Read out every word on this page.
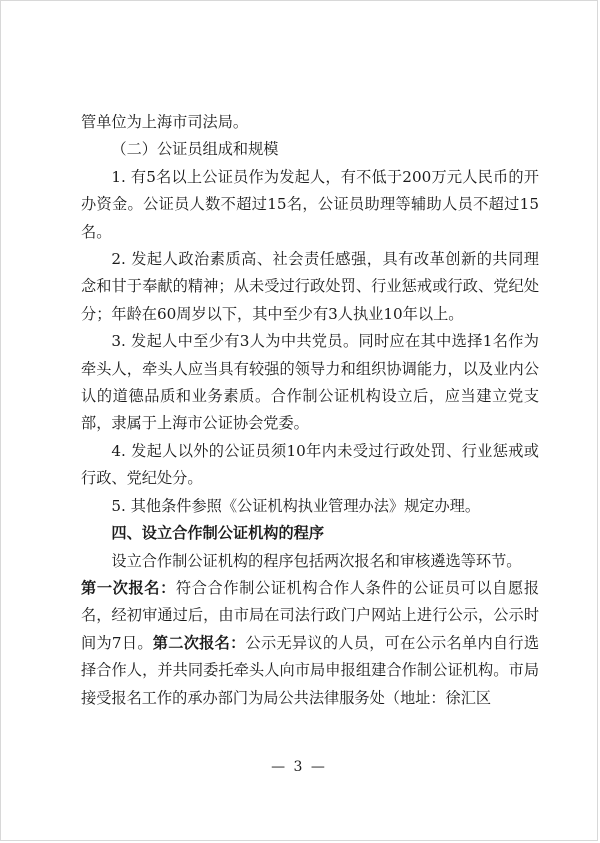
管单位为上海市司法局。

（二）公证员组成和规模

1. 有5名以上公证员作为发起人，有不低于200万元人民币的开办资金。公证员人数不超过15名，公证员助理等辅助人员不超过15名。

2. 发起人政治素质高、社会责任感强，具有改革创新的共同理念和甘于奉献的精神；从未受过行政处罚、行业惩戒或行政、党纪处分；年龄在60周岁以下，其中至少有3人执业10年以上。

3. 发起人中至少有3人为中共党员。同时应在其中选择1名作为牵头人，牵头人应当具有较强的领导力和组织协调能力，以及业内公认的道德品质和业务素质。合作制公证机构设立后，应当建立党支部，隶属于上海市公证协会党委。

4. 发起人以外的公证员须10年内未受过行政处罚、行业惩戒或行政、党纪处分。

5. 其他条件参照《公证机构执业管理办法》规定办理。

四、设立合作制公证机构的程序

设立合作制公证机构的程序包括两次报名和审核遴选等环节。

第一次报名：符合合作制公证机构合作人条件的公证员可以自愿报名，经初审通过后，由市局在司法行政门户网站上进行公示，公示时间为7日。第二次报名：公示无异议的人员，可在公示名单内自行选择合作人，并共同委托牵头人向市局申报组建合作制公证机构。市局接受报名工作的承办部门为局公共法律服务处（地址：徐汇区

— 3 —
